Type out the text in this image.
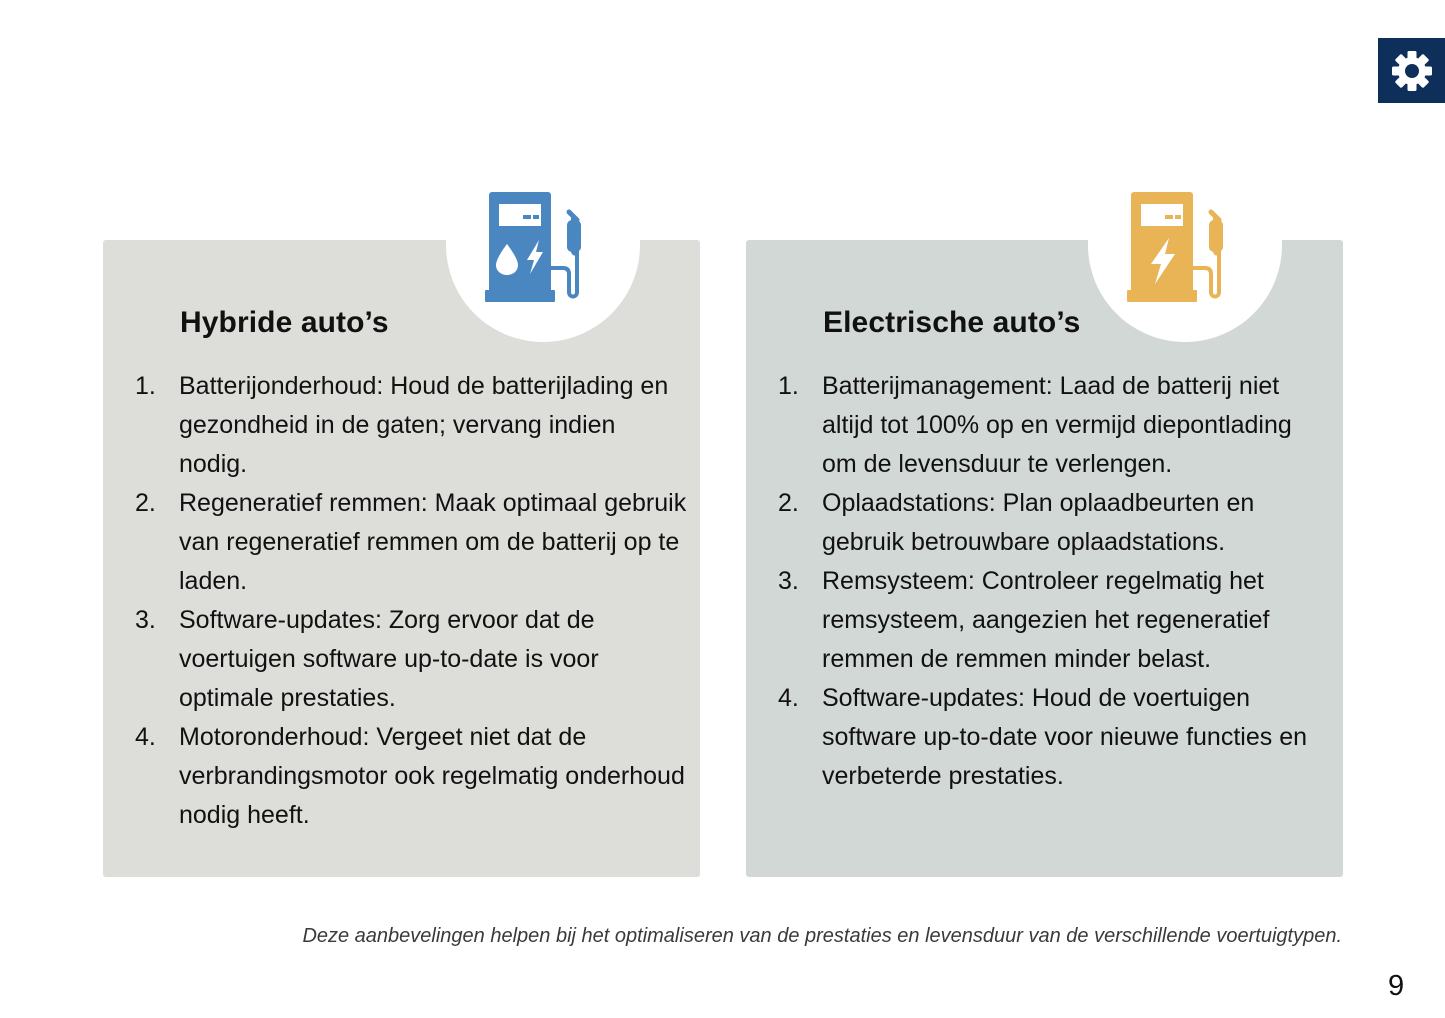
Hybride auto’s
1. Batterijonderhoud: Houd de batterijlading en gezondheid in de gaten; vervang indien nodig.
2. Regeneratief remmen: Maak optimaal gebruik van regeneratief remmen om de batterij op te laden.
3. Software-updates: Zorg ervoor dat de voertuigen software up-to-date is voor optimale prestaties.
4. Motoronderhoud: Vergeet niet dat de verbrandingsmotor ook regelmatig onderhoud nodig heeft.
Electrische auto’s
1. Batterijmanagement: Laad de batterij niet altijd tot 100% op en vermijd diepontlading om de levensduur te verlengen.
2. Oplaadstations: Plan oplaadbeurten en gebruik betrouwbare oplaadstations.
3. Remsysteem: Controleer regelmatig het remsysteem, aangezien het regeneratief remmen de remmen minder belast.
4. Software-updates: Houd de voertuigen software up-to-date voor nieuwe functies en verbeterde prestaties.

Deze aanbevelingen helpen bij het optimaliseren van de prestaties en levensduur van de verschillende voertuigtypen.

9
